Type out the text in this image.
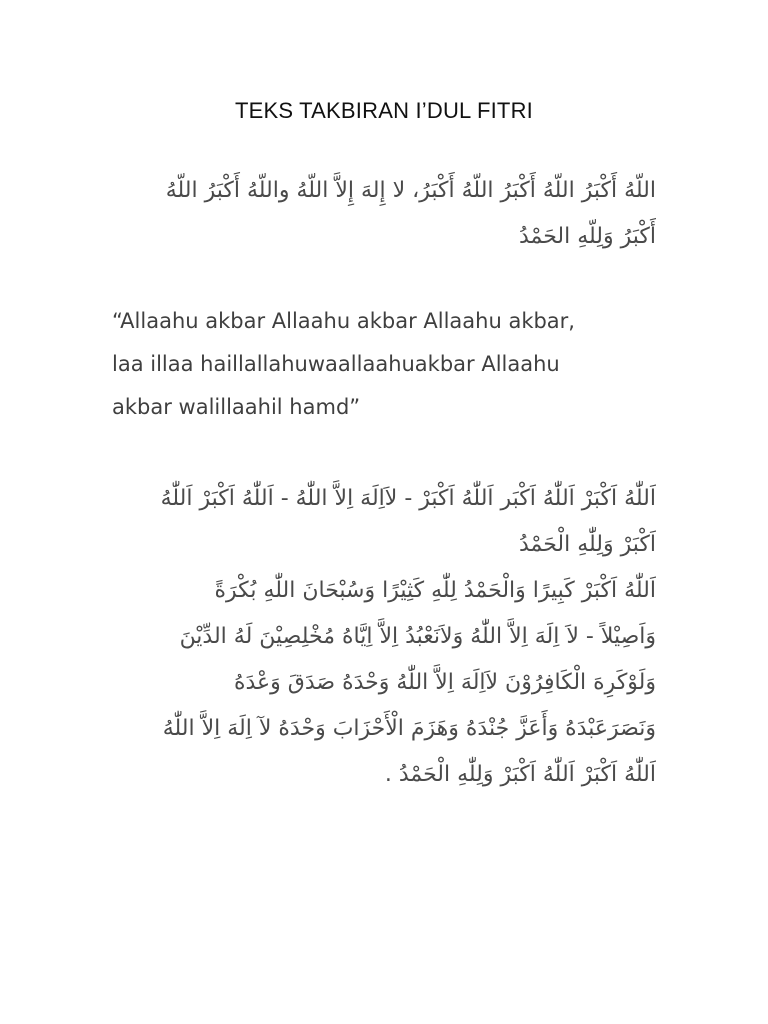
TEKS TAKBIRAN I’DUL FITRI
اللّهُ أَكْبَرُ اللّهُ أَكْبَرُ اللّهُ أَكْبَرُ، لا إِلهَ إِلاَّ اللّهُ واللّهُ أَكْبَرُ اللّهُ
أَكْبَرُ وَلِلّهِ الحَمْدُ
“Allaahu akbar Allaahu akbar Allaahu akbar,
laa illaa haillallahuwaallaahuakbar Allaahu
akbar walillaahil hamd”
اَللّٰهُ اَكْبَرْ اَللّٰهُ اَكْبَر اَللّٰهُ اَكْبَرْ - لاَاِلَهَ اِلاَّ اللّٰهُ - اَللّٰهُ اَكْبَرْ اَللّٰهُ
اَكْبَرْ وَلِلّٰهِ الْحَمْدُ
اَللّٰهُ اَكْبَرْ كَبِيرًا وَالْحَمْدُ لِلّٰهِ كَثِيْرًا وَسُبْحَانَ اللّٰهِ بُكْرَةً
وَاَصِيْلاً - لاَ اِلَهَ اِلاَّ اللّٰهُ وَلاَنَعْبُدُ اِلاَّ اِيَّاهُ مُخْلِصِيْنَ لَهُ الدِّيْنَ
وَلَوْكَرِهَ الْكَافِرُوْنَ لاَاِلَهَ اِلاَّ اللّٰهُ وَحْدَهُ صَدَقَ وَعْدَهُ
وَنَصَرَعَبْدَهُ وَأَعَزَّ جُنْدَهُ وَهَزَمَ الْأَحْزَابَ وَحْدَهُ لآ اِلَهَ اِلاَّ اللّٰهُ
اَللّٰهُ اَكْبَرْ اَللّٰهُ اَكْبَرْ وَلِلّٰهِ الْحَمْدُ .
